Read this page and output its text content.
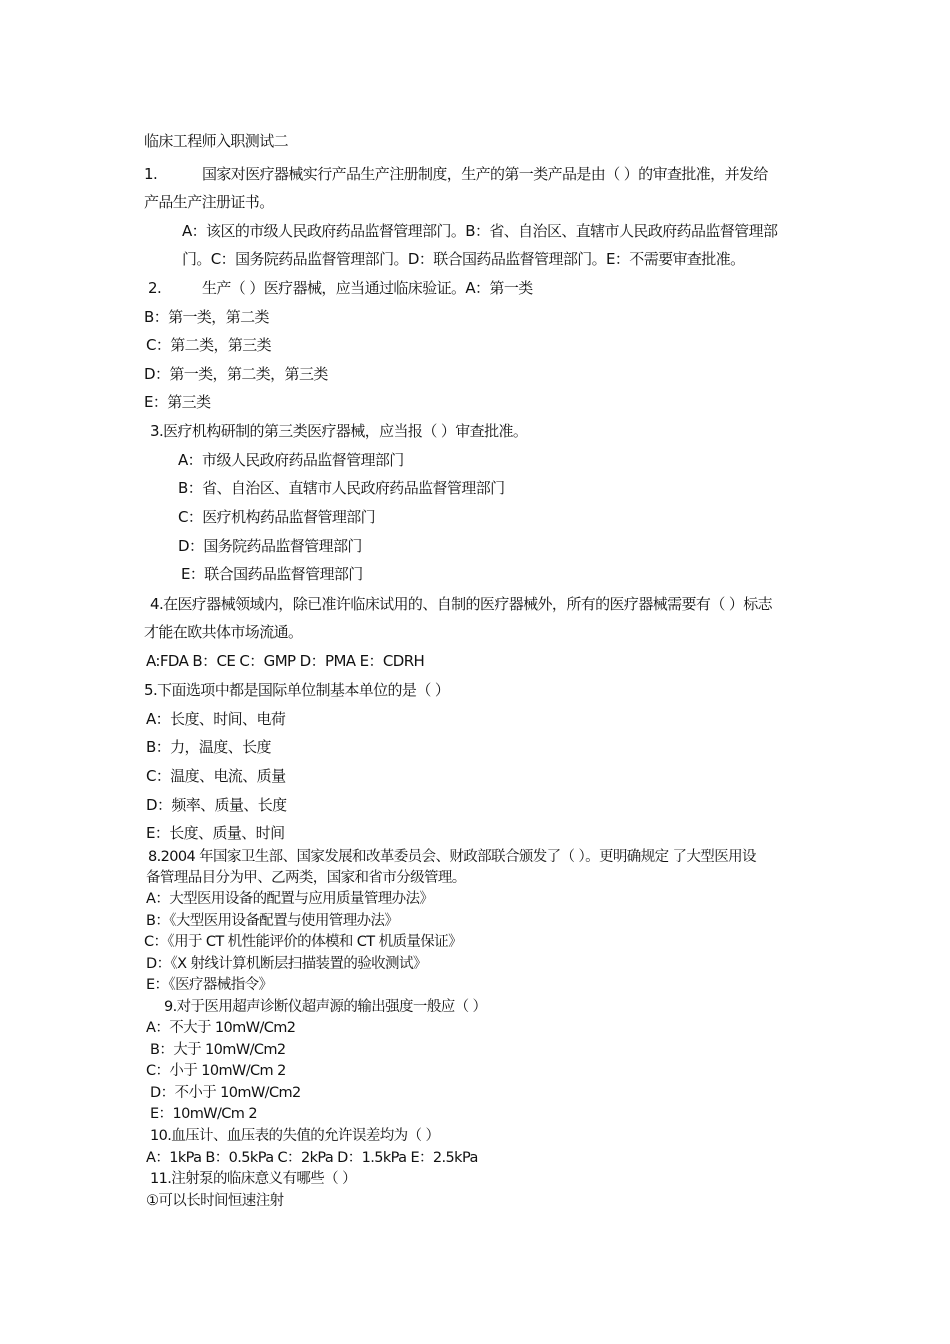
临床工程师入职测试二
1.	国家对医疗器械实行产品生产注册制度，生产的第一类产品是由（ ）的审查批准，并发给
产品生产注册证书。
A：该区的市级人民政府药品监督管理部门。B：省、自治区、直辖市人民政府药品监督管理部
门。C：国务院药品监督管理部门。D：联合国药品监督管理部门。E：不需要审查批准。
2.	生产（ ）医疗器械，应当通过临床验证。A：第一类
B：第一类，第二类
C：第二类，第三类
D：第一类，第二类，第三类
E：第三类
3.医疗机构研制的第三类医疗器械，应当报（ ）审查批准。
A：市级人民政府药品监督管理部门
B：省、自治区、直辖市人民政府药品监督管理部门
C：医疗机构药品监督管理部门
D：国务院药品监督管理部门
E：联合国药品监督管理部门
4.在医疗器械领域内，除已准许临床试用的、自制的医疗器械外，所有的医疗器械需要有（ ）标志
才能在欧共体市场流通。
A:FDA B：CE C：GMP D：PMA E：CDRH
5.下面选项中都是国际单位制基本单位的是（ ）
A：长度、时间、电荷
B：力，温度、长度
C：温度、电流、质量
D：频率、质量、长度
E：长度、质量、时间
8.2004 年国家卫生部、国家发展和改革委员会、财政部联合颁发了（ ）。更明确规定 了大型医用设
备管理品目分为甲、乙两类，国家和省市分级管理。
A：大型医用设备的配置与应用质量管理办法》
B：《大型医用设备配置与使用管理办法》
C：《用于 CT 机性能评价的体模和 CT 机质量保证》
D：《X 射线计算机断层扫描装置的验收测试》
E：《医疗器械指令》
9.对于医用超声诊断仪超声源的输出强度一般应（ ）
A：不大于 10mW/Cm2
B：大于 10mW/Cm2
C：小于 10mW/Cm 2
D：不小于 10mW/Cm2
E：10mW/Cm 2
10.血压计、血压表的失值的允许误差均为（ ）
A：1kPa B：0.5kPa C：2kPa D：1.5kPa E：2.5kPa
11.注射泵的临床意义有哪些（ ）
①可以长时间恒速注射
